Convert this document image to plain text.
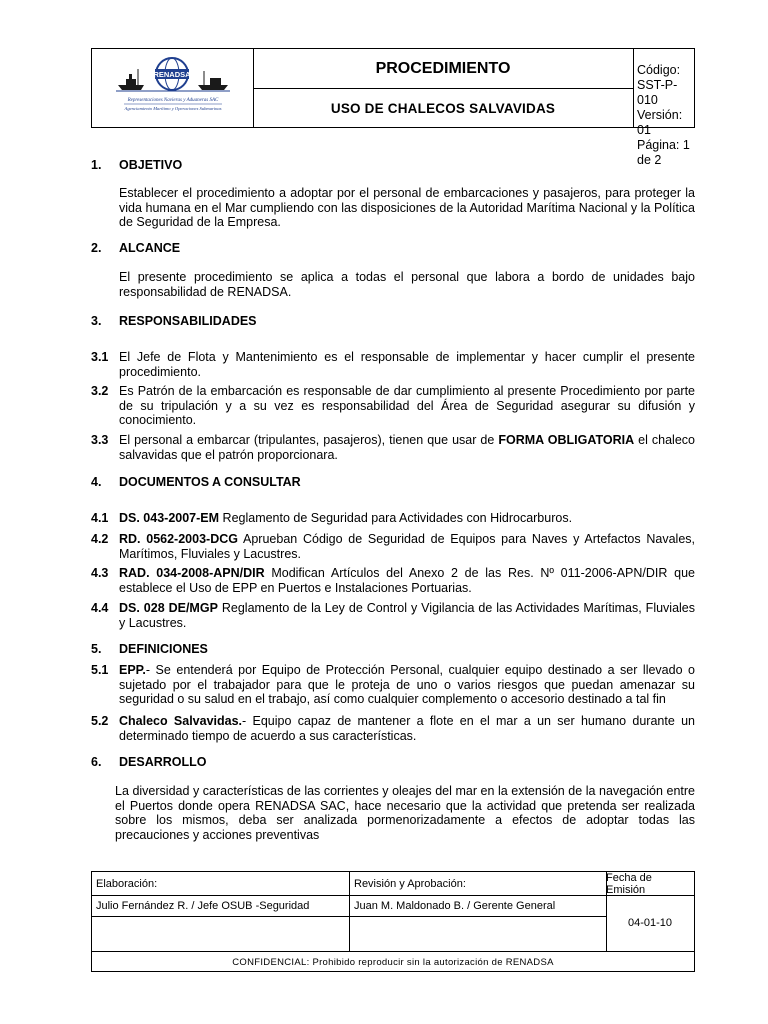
RENADSA
Representaciones Navieras y Aduaneras SAC
Agenciamiento Marítimo y Operaciones Submarinas
PROCEDIMIENTO
USO DE CHALECOS SALVAVIDAS
Código: SST-P-010
Versión: 01
Página: 1 de 2
1.	OBJETIVO
Establecer el procedimiento a adoptar por el personal de embarcaciones y pasajeros, para proteger la vida humana en el Mar cumpliendo con las disposiciones de la Autoridad Marítima Nacional y la Política de Seguridad de la Empresa.
2.	ALCANCE
El presente procedimiento se aplica a todas el personal que labora a bordo de unidades bajo responsabilidad de RENADSA.
3.	RESPONSABILIDADES
3.1 El Jefe de Flota y Mantenimiento es el responsable de implementar y hacer cumplir el presente procedimiento.
3.2 Es Patrón de la embarcación es responsable de dar cumplimiento al presente Procedimiento por parte de su tripulación y a su vez es responsabilidad del Área de Seguridad asegurar su difusión y conocimiento.
3.3 El personal a embarcar (tripulantes, pasajeros), tienen que usar de FORMA OBLIGATORIA el chaleco salvavidas que el patrón proporcionara.
4.	DOCUMENTOS A CONSULTAR
4.1 DS. 043-2007-EM Reglamento de Seguridad para Actividades con Hidrocarburos.
4.2 RD. 0562-2003-DCG Aprueban Código de Seguridad de Equipos para Naves y Artefactos Navales, Marítimos, Fluviales y Lacustres.
4.3 RAD. 034-2008-APN/DIR Modifican Artículos del Anexo 2 de las Res. Nº 011-2006-APN/DIR que establece el Uso de EPP en Puertos e Instalaciones Portuarias.
4.4 DS. 028 DE/MGP Reglamento de la Ley de Control y Vigilancia de las Actividades Marítimas, Fluviales y Lacustres.
5.	DEFINICIONES
5.1 EPP.- Se entenderá por Equipo de Protección Personal, cualquier equipo destinado a ser llevado o sujetado por el trabajador para que le proteja de uno o varios riesgos que puedan amenazar su seguridad o su salud en el trabajo, así como cualquier complemento o accesorio destinado a tal fin
5.2 Chaleco Salvavidas.- Equipo capaz de mantener a flote en el mar a un ser humano durante un determinado tiempo de acuerdo a sus características.
6.	DESARROLLO
La diversidad y características de las corrientes y oleajes del mar en la extensión de la navegación entre el Puertos donde opera RENADSA SAC, hace necesario que la actividad que pretenda ser realizada sobre los mismos, deba ser analizada pormenorizadamente a efectos de adoptar todas las precauciones y acciones preventivas
Elaboración:	Revisión y Aprobación:	Fecha de Emisión
Julio Fernández R. / Jefe OSUB -Seguridad	Juan M. Maldonado B. / Gerente General
04-01-10
CONFIDENCIAL: Prohibido reproducir sin la autorización de RENADSA
